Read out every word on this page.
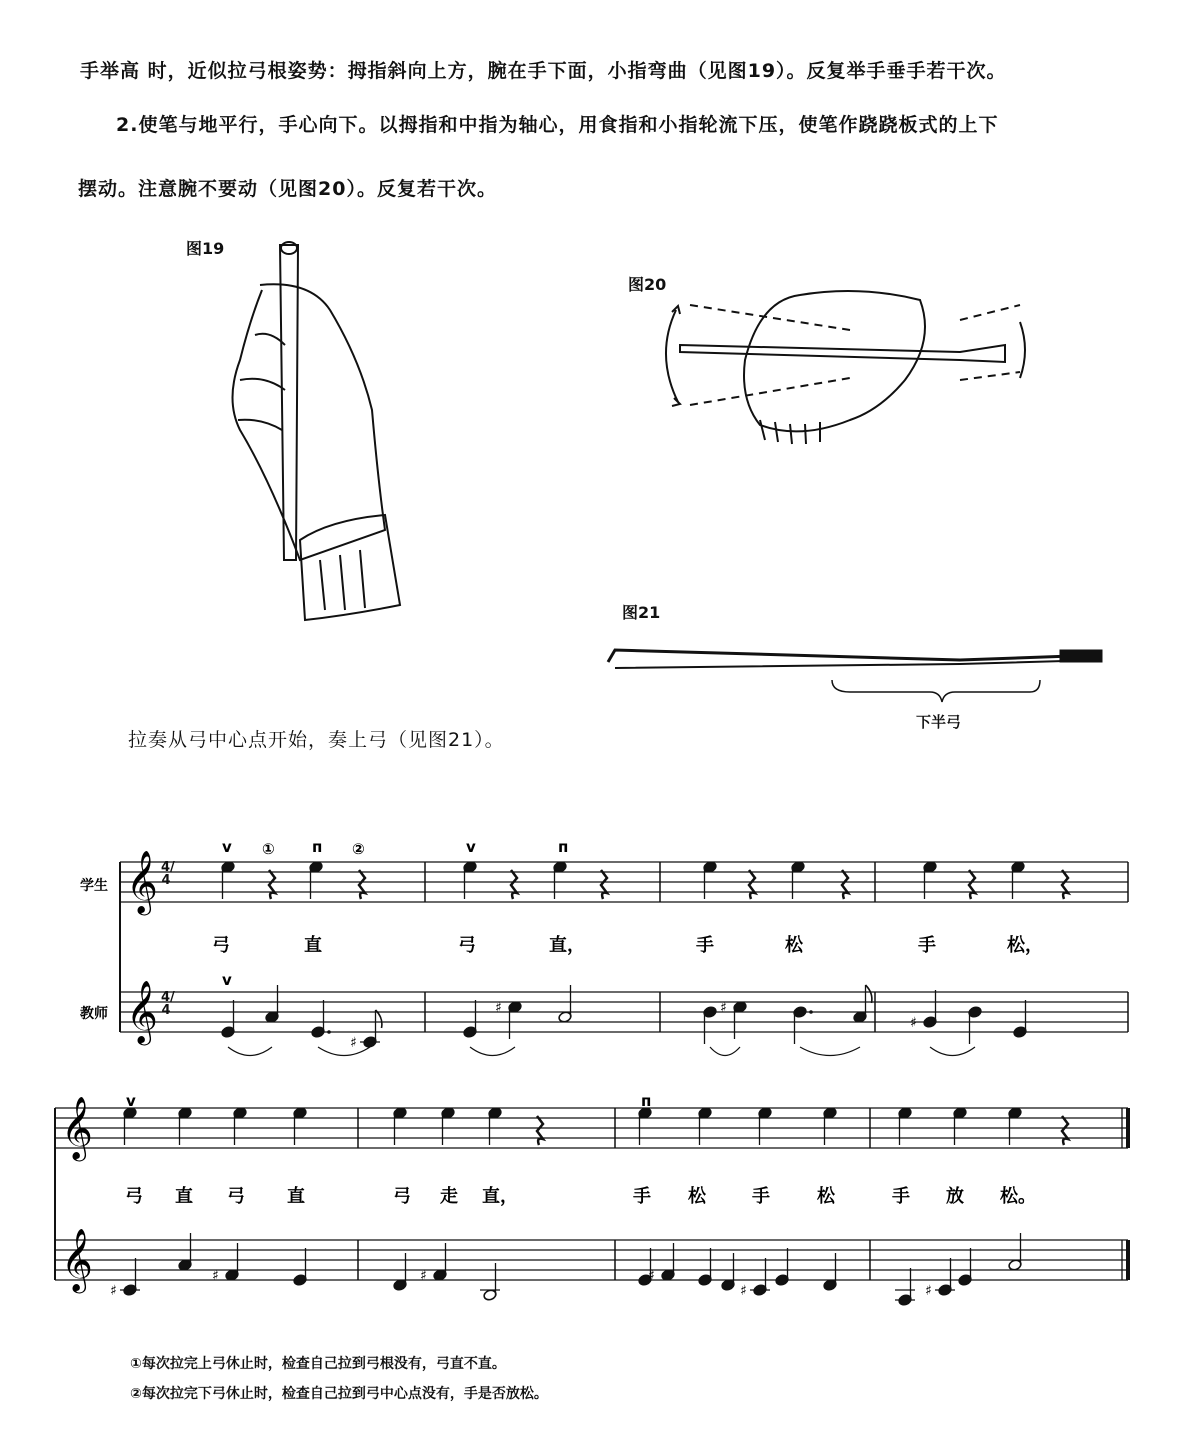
手举高 时，近似拉弓根姿势：拇指斜向上方，腕在手下面，小指弯曲（见图19）。反复举手垂手若干次。
2.使笔与地平行，手心向下。以拇指和中指为轴心，用食指和小指轮流下压，使笔作跷跷板式的上下
摆动。注意腕不要动（见图20）。反复若干次。
图19
图20
图21
下半弓
拉奏从弓中心点开始，奏上弓（见图21）。
𝄞
𝄞
学生
教师
v ① п ②	v	п
弓	直	弓	直，	手	松	手	松，
♯
♯	♯
♯
v
𝄞
𝄞
v	п
弓 直 弓 直	弓 走 直，	手 松	手	松	手 放 松。
♯
♯	♯	♯
♯	♯
4/4
4/4
①每次拉完上弓休止时，检查自己拉到弓根没有，弓直不直。
②每次拉完下弓休止时，检查自己拉到弓中心点没有，手是否放松。
